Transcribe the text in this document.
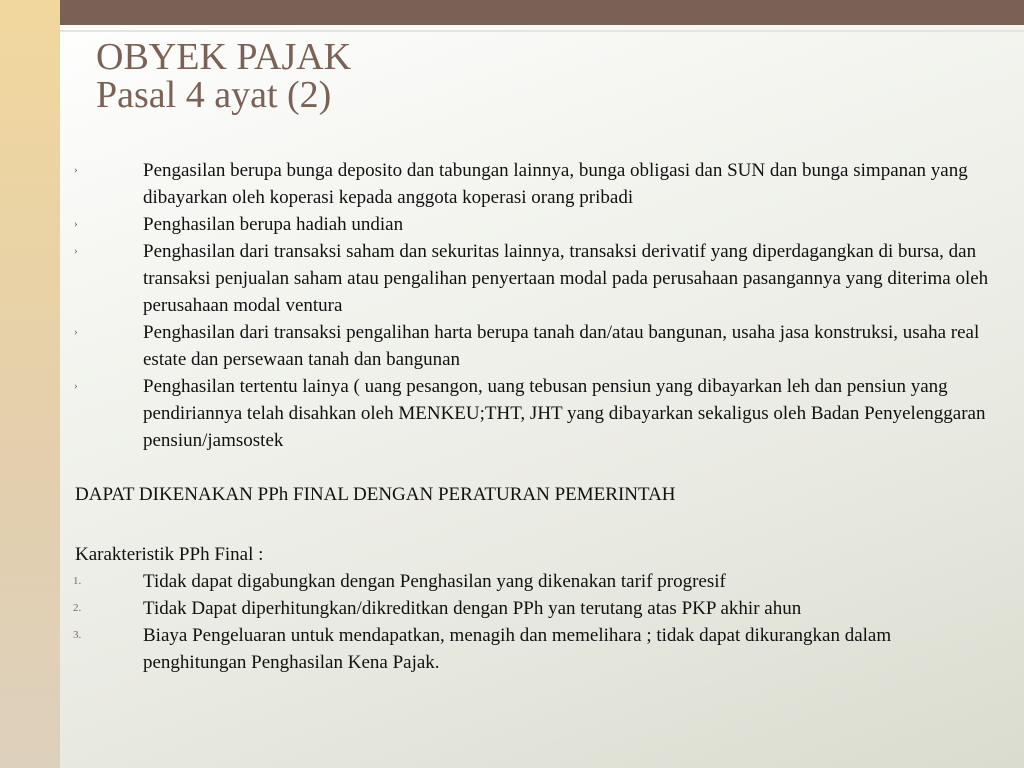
OBYEK PAJAK
Pasal 4 ayat (2)

›	Pengasilan berupa bunga deposito dan tabungan lainnya, bunga obligasi dan SUN dan bunga simpanan yang dibayarkan oleh koperasi kepada anggota koperasi orang pribadi

›	Penghasilan berupa hadiah undian

›	Penghasilan dari transaksi saham dan sekuritas lainnya, transaksi derivatif yang diperdagangkan di bursa, dan transaksi penjualan saham atau pengalihan penyertaan modal pada perusahaan pasangannya yang diterima oleh perusahaan modal ventura

›	Penghasilan dari transaksi pengalihan harta berupa tanah dan/atau bangunan, usaha jasa konstruksi, usaha real estate dan persewaan tanah dan bangunan

›	Penghasilan tertentu lainya ( uang pesangon, uang tebusan pensiun yang dibayarkan leh dan pensiun yang pendiriannya telah disahkan oleh MENKEU;THT, JHT yang dibayarkan sekaligus oleh Badan Penyelenggaran pensiun/jamsostek

DAPAT DIKENAKAN PPh FINAL DENGAN PERATURAN PEMERINTAH

Karakteristik PPh Final :

1.	Tidak dapat digabungkan dengan Penghasilan yang dikenakan tarif progresif

2.	Tidak Dapat diperhitungkan/dikreditkan dengan PPh yan terutang atas PKP akhir ahun

3.	Biaya Pengeluaran untuk mendapatkan, menagih dan memelihara ; tidak dapat dikurangkan dalam penghitungan Penghasilan Kena Pajak.
